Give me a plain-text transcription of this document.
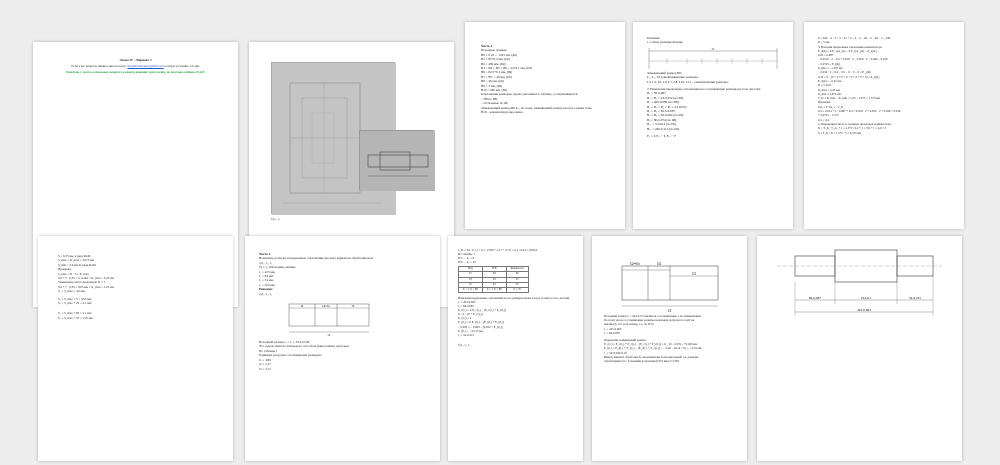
Экзам IV – Вариант 2
Если у вас вопросы пишите мне на почту: studenta.helpme@gmail.com я отвечу в течение 1-2 дня.
Отвечаю 1 лист в остальных вопросах и отвечу решение через почту, не получаю подарок 20 руб.
б) l₁, l₂
Часть 1
Исходные данные:
B0 = 0,25 … 0,65 мм, (k6)
B1 = 85+0,3 мм, (h9)
B2 = 400 мм, (h9)
B3 = B4 = B5 = B6 = 24+0,1 мм, (h9)
B6 = 82,5+0,1 мм, (h9)
B7 = B7' = 40 мм, (h9)
B8 = 40 мм, (h9)
B9 = 3 мм, (h9)
B10 = 240 мм, (h9)
Отклонения размеров, кроме указанных в таблице, устанавливаются:
– H8 по H8;
– Остальные по h8.
Замыкающий размер B0,0–, поэтому, заменяющий размер которого равен 0 мм.
B10 – компенсирующее звено.
Решение:
1. Схема размерной цепи:
l2
Замыкающий размер B0;
L₁, L₂, L9 (увеличивающие размеры;
L3, L4, L5, L6, L7, L8, L10, L11 – уменьшающие размеры;
2. Назначаем предельные отклонения на составляющие размеры (в тело детали):
B₁ = 85-0,087
B₂ = B₅ = 24-0,052 (по h8),
B₃ = 400-0,089 (по H8),
B₄ = B₅ = B₆ = B₇ = 24-0,052,
B₅ = B₆ = 82,5-0,087,
B₇ = B₈ = 40-0,062 (по h8),
B₉ = 80-0,074 (по h8),
B₁₀ = 3-0,014 (по h8),
B₁₁ = 240-0,115 (по h8).
E₀ = Σ E₁ₑ − Σ E₂ₑ − F
0 = 320 − 4 · 3 = 3 − 21 + 4 − 4 − 2 − 40 − 2 − 40 − 5 − 240
K = 5 мм
3. Находим предельные отклонения компенсатора
E_s(K) = Σ E_s(A_ув) − Σ E_i(A_ум) − E_s(A₀)
0,65 = 0,087
− 0,0516 · 2 − 0,4 + 0,018 · 2 − 0,059 · 2 − 0,046 − 0,018
− 0,0725 = E_i(K)
E_i(K) = −1,335 мм
− 0,034 · 2 − 0,4 − 0,5 − 0 − 0 − 0 = E_s(K)
0,25 = 0 − (0 + 0 + 0 + 0 + 0 + 0 + 0 + 0) = E_s(K)
E_s(K) = −0,25 мм
K = 5-0,25
K_max = 5,25 мм
K_min = 3,675 мм
T_K = K_max − K_min = 5,25 − 3,675 = 1,575 мм
Проверка:
TA₀ = Σ TA_i − T_K
0,4 = 0,014 + 2 · 0,087 + 0,4 + 0,018 · 2 + 0,059 · 2 + 0,046 + 0,018
+ 0,0725 − 1,575
0,4 = 0,4
4. Определяем число и толщину прокладок компенсатора
N = T_K / T_A₀ + 1 = 1,575 / 0,4 + 1 = 3,9 + 1 = 4,9 ≈ 5
S = T_K / N = 1,575 / 5 = 0,315 мм
S = 0,35 мм, в ряда Ra40;
S_max = K_max = 3,675 мм
S_min = 3,6 мм из ряда Ra40.
Проверка:
S_max = N · S ≥ K_max
3,6 + 5 · 0,35 = 5,14 мм > K_max = 5,25 мм
Уменьшаем число прокладок: N = 7.
3,6 + 7 · 0,35 = 6,05 мм > K_max = 5,25 мм
S₁ = S_max = 3,6 мм;
S₁ = S_max + S = 3,95 мм;
S₂ = S_max + 2S = 4,1 мм;
S₃ = S_max + 6S = 5,1 мм;
S₄ = S_max + 7S = 5,25 мм.
Часть 2
Назначить допуски и предельные отклонения для двух вариантов обработки вала
а) l₁, l₂, l₃
б) l₁, l₂ (Исходные данные
l₁ = 425 мм,
l₂ = 84 мм,
l₃ = 54 мм,
l₄ = 224 мм.
Решение:
а) l₁, l₂, l₃
l2	l4=lo	l3
l1
Исходный размер l₄ = l₁ = 354-0,230,
Это задача синтеза. Решаем ее способом равноточных допусков.
По таблице 1
Единицы допусков составляющих размеров:
i1 = 3,89
i2 = 2,17
i3 = 2,17
a_m = TΔ / Σ i_i = 0,1 / (3,89 + 2,17 + 2,17) = 0,1 / 8,23 = 0,0012
По таблице 1
IT5 → k₁ = 8
IT6 → k₁ = 10
B(i)	ITB	Квалитеты
27	40	40
23	23	23
27	23	23
Σ = 1, Σ = 80	Σ = 1, Σ = 86	Σ = 70
Назначаем предельные отклонения на все размеры кроме зазора (только в тело детали):
l₁ = 425-0,063
l₂ = 84-0,087
E_c(l₃) = Σ E_c(l₁) − [E_c(l₂) + E_c(l₄)]
0 = 0 − [0 + E_c(l₃)]
E_c(l₃) = 0
E_i(l₃) = Σ E_i(l₁) − [E_i(l₂) + E_i(l₄)]
− 0,085 = − 0,063 − [0,022 + E_i(l₃)]
E_i(l₃) = − 0,215 мм
l₃ = 54-0,215
б) l₁, l₂, l₃
l2=lo	l4
l3
l1
Исходный размер l₂ = 204-0,215 является составляющим, а не замыкающим.
Поэтому на все составляющие размеры назначаем допуски по тому же
квалитету, что и на размер, т.е. по IT10
l₁ = 425-0,063
l₂ = 84-0,087
Определим замыкающий размер:
E_c(l₁) = E_c(l₃) + E_c(l₂) − [E_c(l₁) + E_i(l₄)] = 0 − (0 − 0,03) = +0,045 мм
E_i(l₁) = E_i(l₃) + E_i(l₂) − [E_c(l₁) + E_c(l₄)] = − 0,20 − [0,14 + 0] = − 0,19 мм
l₁ = 54+0,045-0,19
Вывод: вариант обработки б) экономически более выгодный, т.к. размеры
обрабатываются с большими допусками (IT10 вместо IT8).
84-0,087	224-0,1	54-0,215
425-0,063
